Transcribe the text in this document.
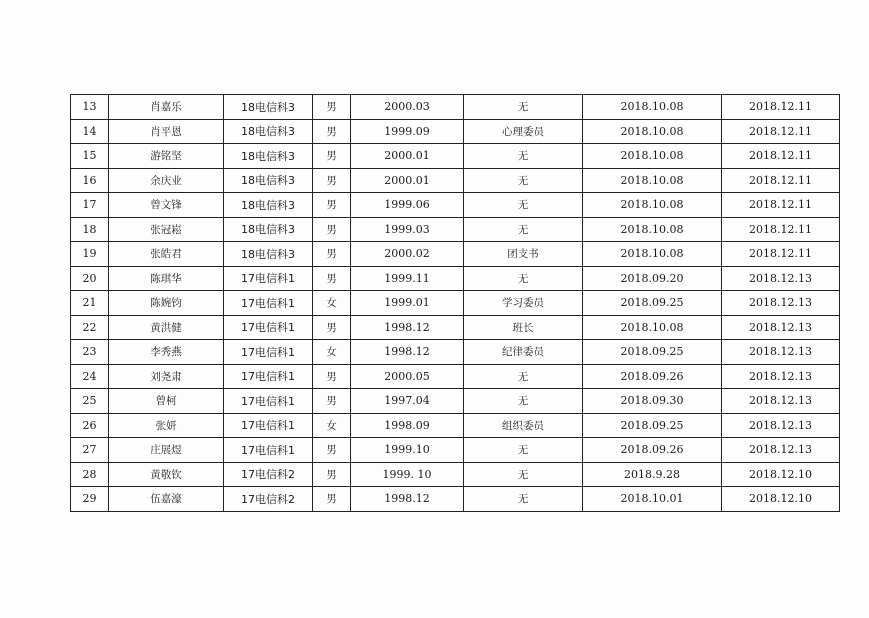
13	肖嘉乐	18电信科3	男	2000.03	无	2018.10.08	2018.12.11
14	肖平恩	18电信科3	男	1999.09	心理委员	2018.10.08	2018.12.11
15	游铭坚	18电信科3	男	2000.01	无	2018.10.08	2018.12.11
16	余庆业	18电信科3	男	2000.01	无	2018.10.08	2018.12.11
17	曾文锋	18电信科3	男	1999.06	无	2018.10.08	2018.12.11
18	张冠崧	18电信科3	男	1999.03	无	2018.10.08	2018.12.11
19	张皓君	18电信科3	男	2000.02	团支书	2018.10.08	2018.12.11
20	陈琪华	17电信科1	男	1999.11	无	2018.09.20	2018.12.13
21	陈婉钧	17电信科1	女	1999.01	学习委员	2018.09.25	2018.12.13
22	黄洪健	17电信科1	男	1998.12	班长	2018.10.08	2018.12.13
23	李秀燕	17电信科1	女	1998.12	纪律委员	2018.09.25	2018.12.13
24	刘尧肃	17电信科1	男	2000.05	无	2018.09.26	2018.12.13
25	曾柯	17电信科1	男	1997.04	无	2018.09.30	2018.12.13
26	张妍	17电信科1	女	1998.09	组织委员	2018.09.25	2018.12.13
27	庄展煜	17电信科1	男	1999.10	无	2018.09.26	2018.12.13
28	黄敬钦	17电信科2	男	1999. 10	无	2018.9.28	2018.12.10
29	伍嘉濠	17电信科2	男	1998.12	无	2018.10.01	2018.12.10
